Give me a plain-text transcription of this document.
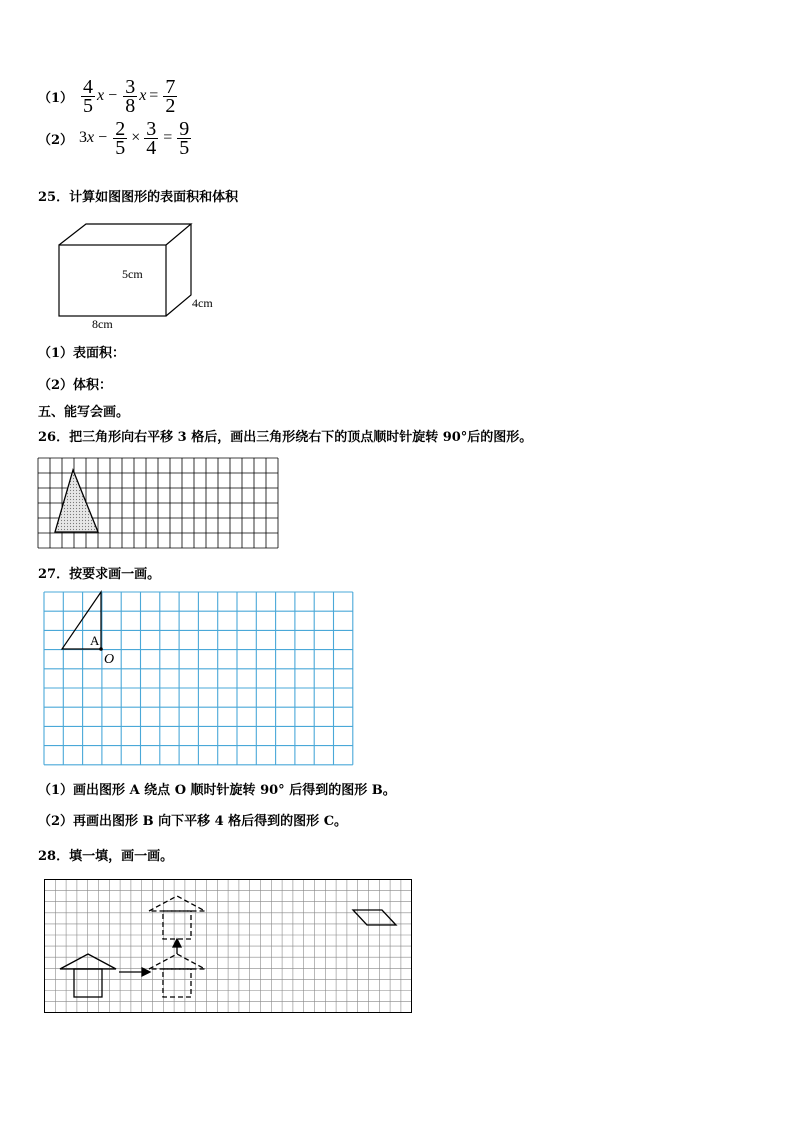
$(1) \frac{4}{5}$ $x - \frac{3}{8}$ $x = \frac{7}{2}$
（2） 3 $x - \frac{2}{5} \times \frac{3}{4} = \frac{9}{5}$
25．计算如图图形的表面积和体积
5cm
4cm
8cm
（1）表面积：
（2）体积：
五、能写会画。
26．把三角形向右平移 3 格后，画出三角形绕右下的顶点顺时针旋转 90°后的图形。
27．按要求画一画。
A
O
（1）画出图形 A 绕点 O 顺时针旋转 90° 后得到的图形 B。
（2）再画出图形 B 向下平移 4 格后得到的图形 C。
28．填一填，画一画。
